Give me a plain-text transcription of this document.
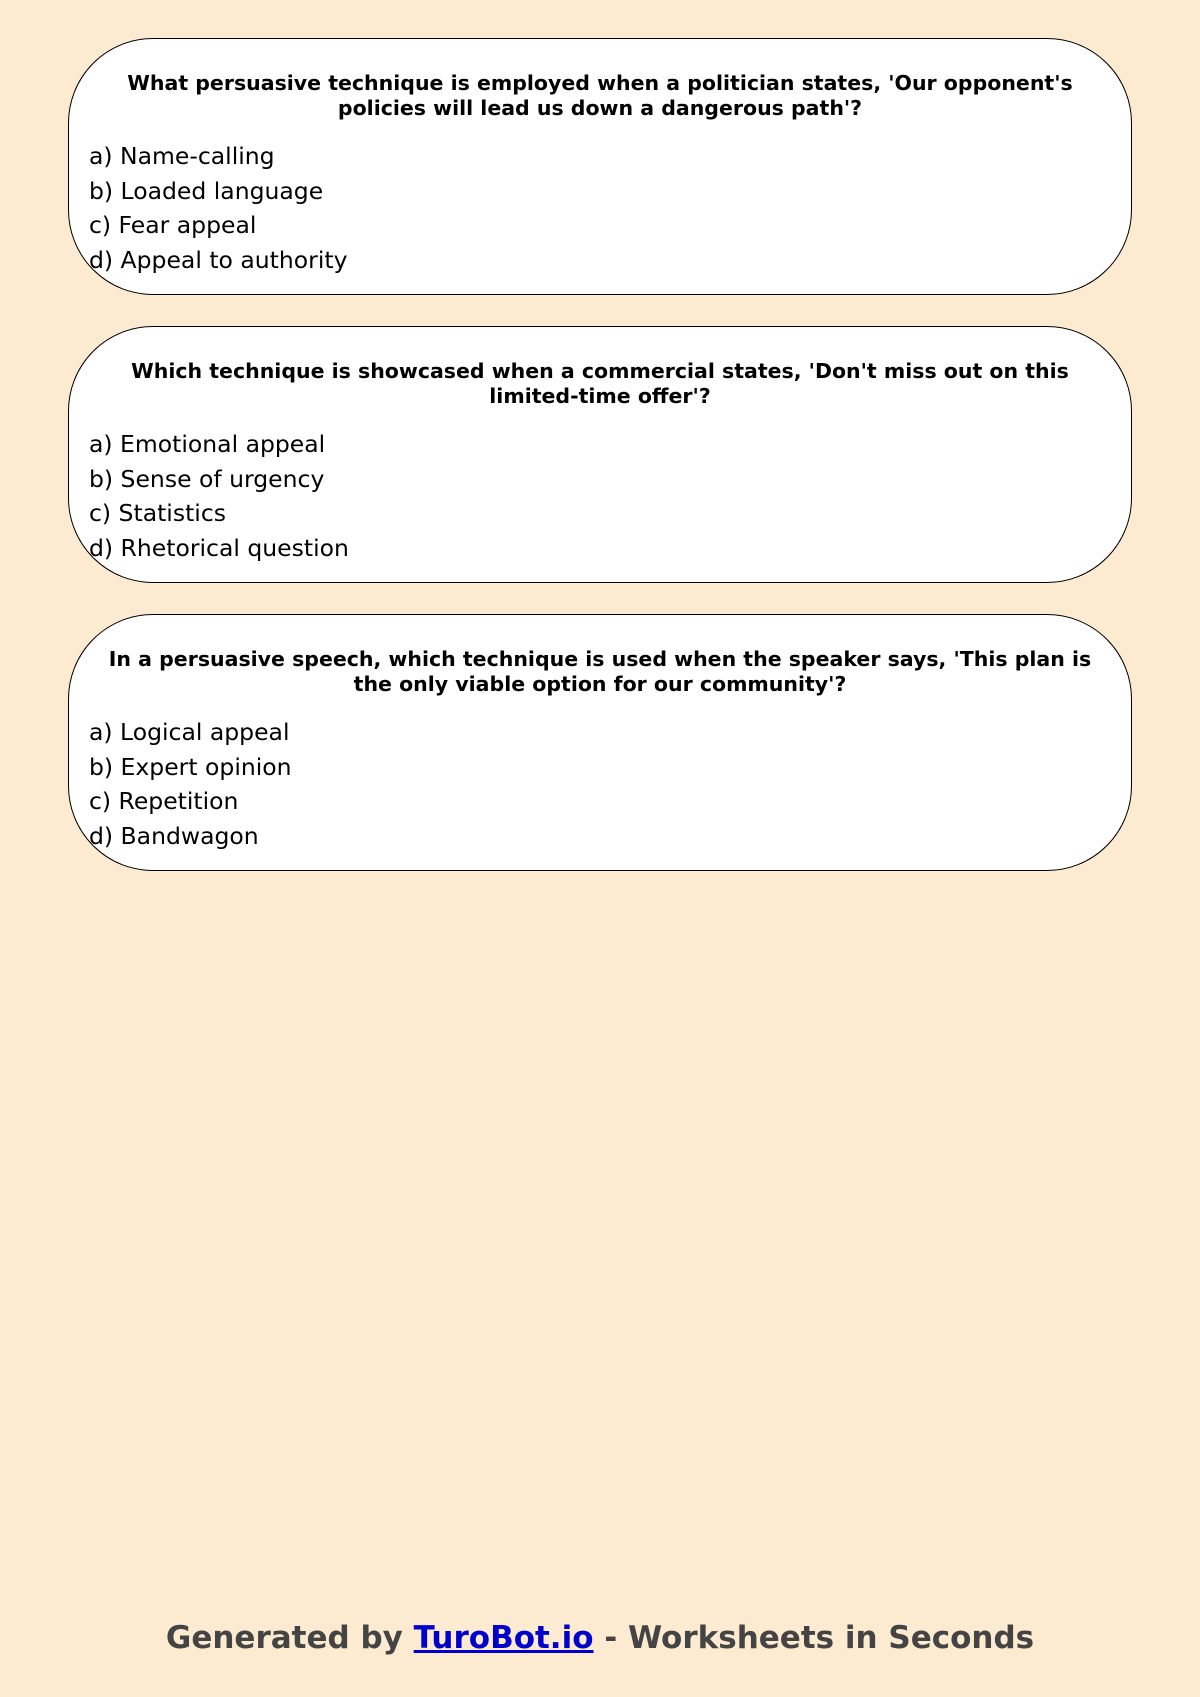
What persuasive technique is employed when a politician states, 'Our opponent's policies will lead us down a dangerous path'?

a) Name-calling
b) Loaded language
c) Fear appeal
d) Appeal to authority

Which technique is showcased when a commercial states, 'Don't miss out on this limited-time offer'?

a) Emotional appeal
b) Sense of urgency
c) Statistics
d) Rhetorical question

In a persuasive speech, which technique is used when the speaker says, 'This plan is the only viable option for our community'?

a) Logical appeal
b) Expert opinion
c) Repetition
d) Bandwagon
Generated by TuroBot.io - Worksheets in Seconds
